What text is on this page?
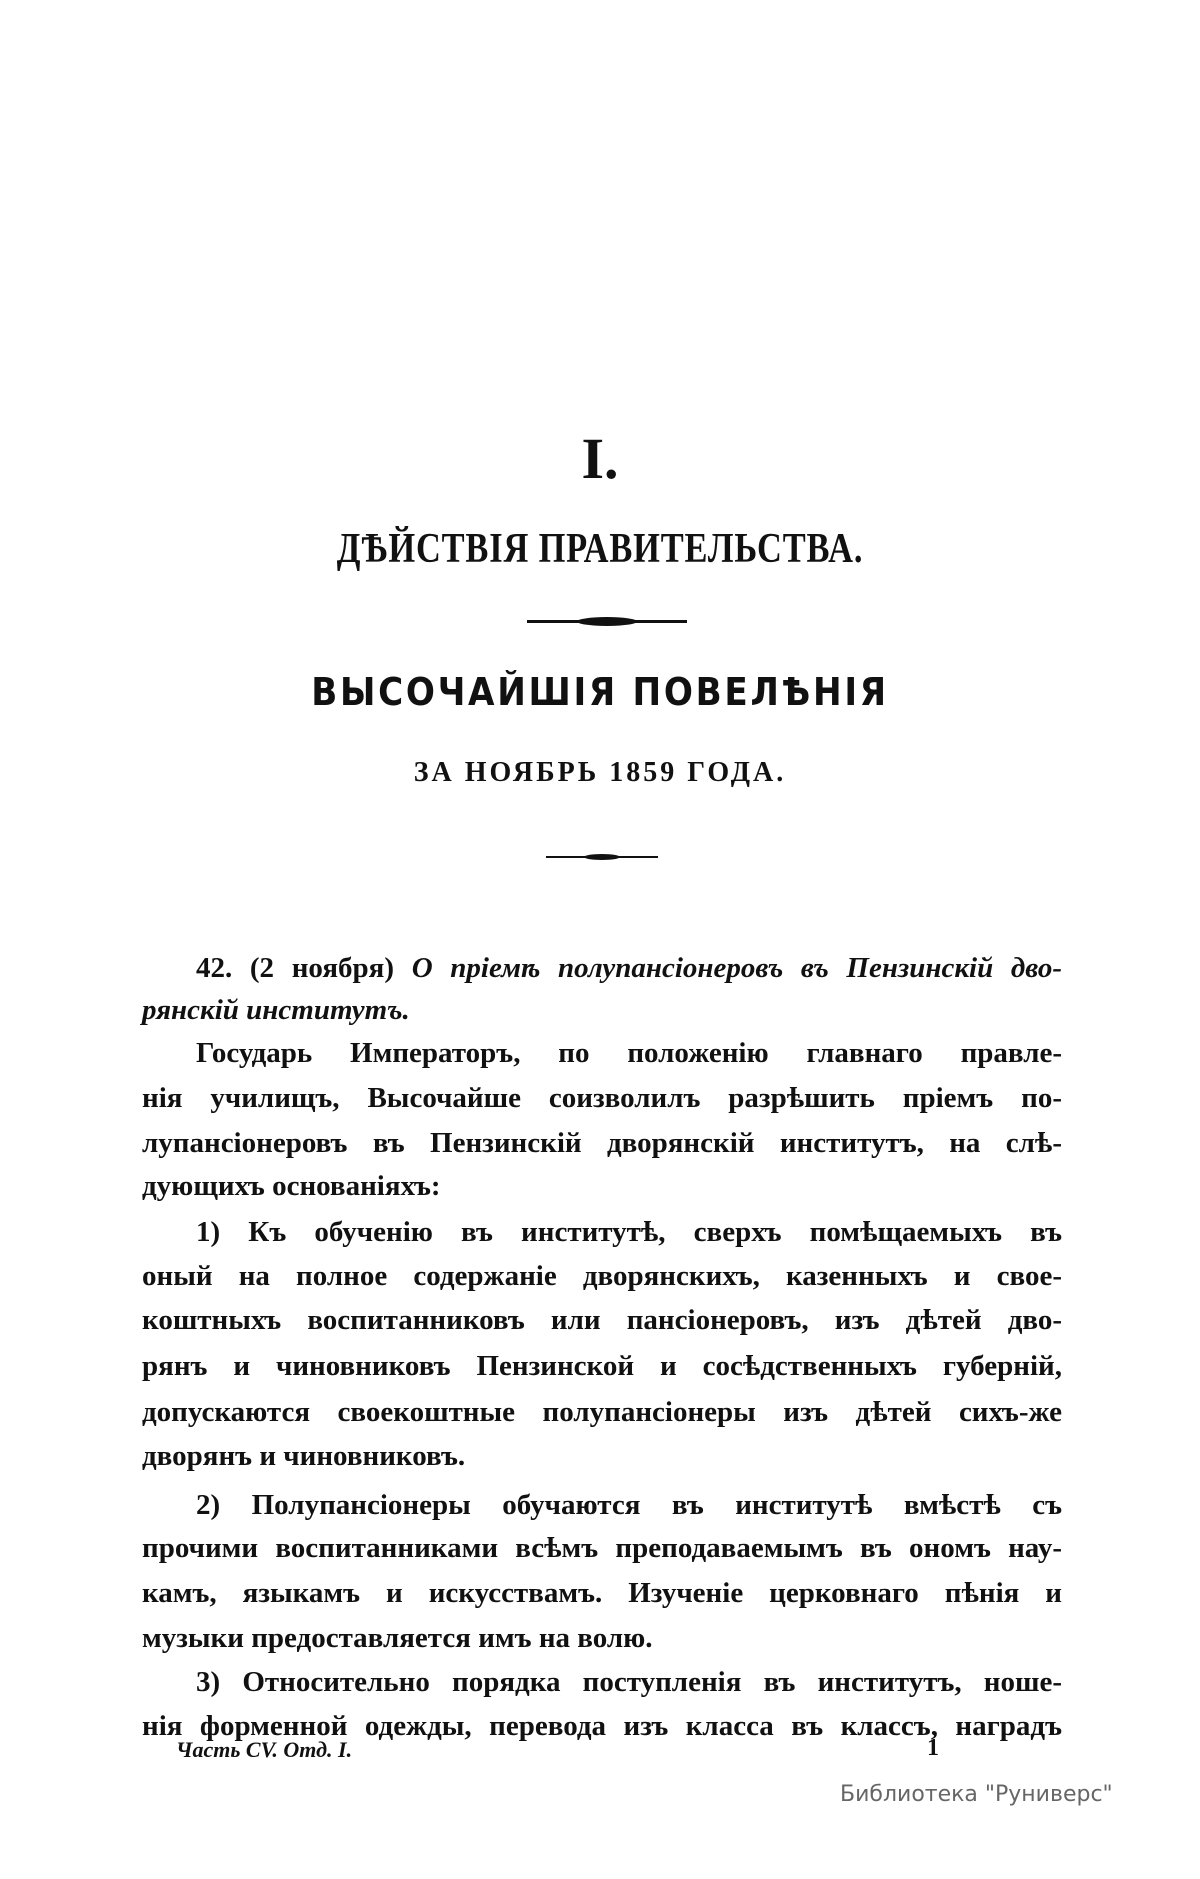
I.
ДѢЙСТВІЯ ПРАВИТЕЛЬСТВА.
ВЫСОЧАЙШІЯ ПОВЕЛѢНІЯ
ЗА НОЯБРЬ 1859 ГОДА.
42. (2 ноября) О пріемѣ полупансіонеровъ въ Пензинскій дво-
рянскій институтъ.
Государь Императоръ, по положенію главнаго правле-
нія училищъ, Высочайше соизволилъ разрѣшить пріемъ по-
лупансіонеровъ въ Пензинскій дворянскій институтъ, на слѣ-
дующихъ основаніяхъ:
1) Къ обученію въ институтѣ, сверхъ помѣщаемыхъ въ
оный на полное содержаніе дворянскихъ, казенныхъ и свое-
коштныхъ воспитанниковъ или пансіонеровъ, изъ дѣтей дво-
рянъ и чиновниковъ Пензинской и сосѣдственныхъ губерній,
допускаются своекоштные полупансіонеры изъ дѣтей сихъ-же
дворянъ и чиновниковъ.
2) Полупансіонеры обучаются въ институтѣ вмѣстѣ съ
прочими воспитанниками всѣмъ преподаваемымъ въ ономъ нау-
камъ, языкамъ и искусствамъ. Изученіе церковнаго пѣнія и
музыки предоставляется имъ на волю.
3) Относительно порядка поступленія въ институтъ, ноше-
нія форменной одежды, перевода изъ класса въ классъ, наградъ
Часть CV. Отд. I.	1
Библиотека "Руниверс"
